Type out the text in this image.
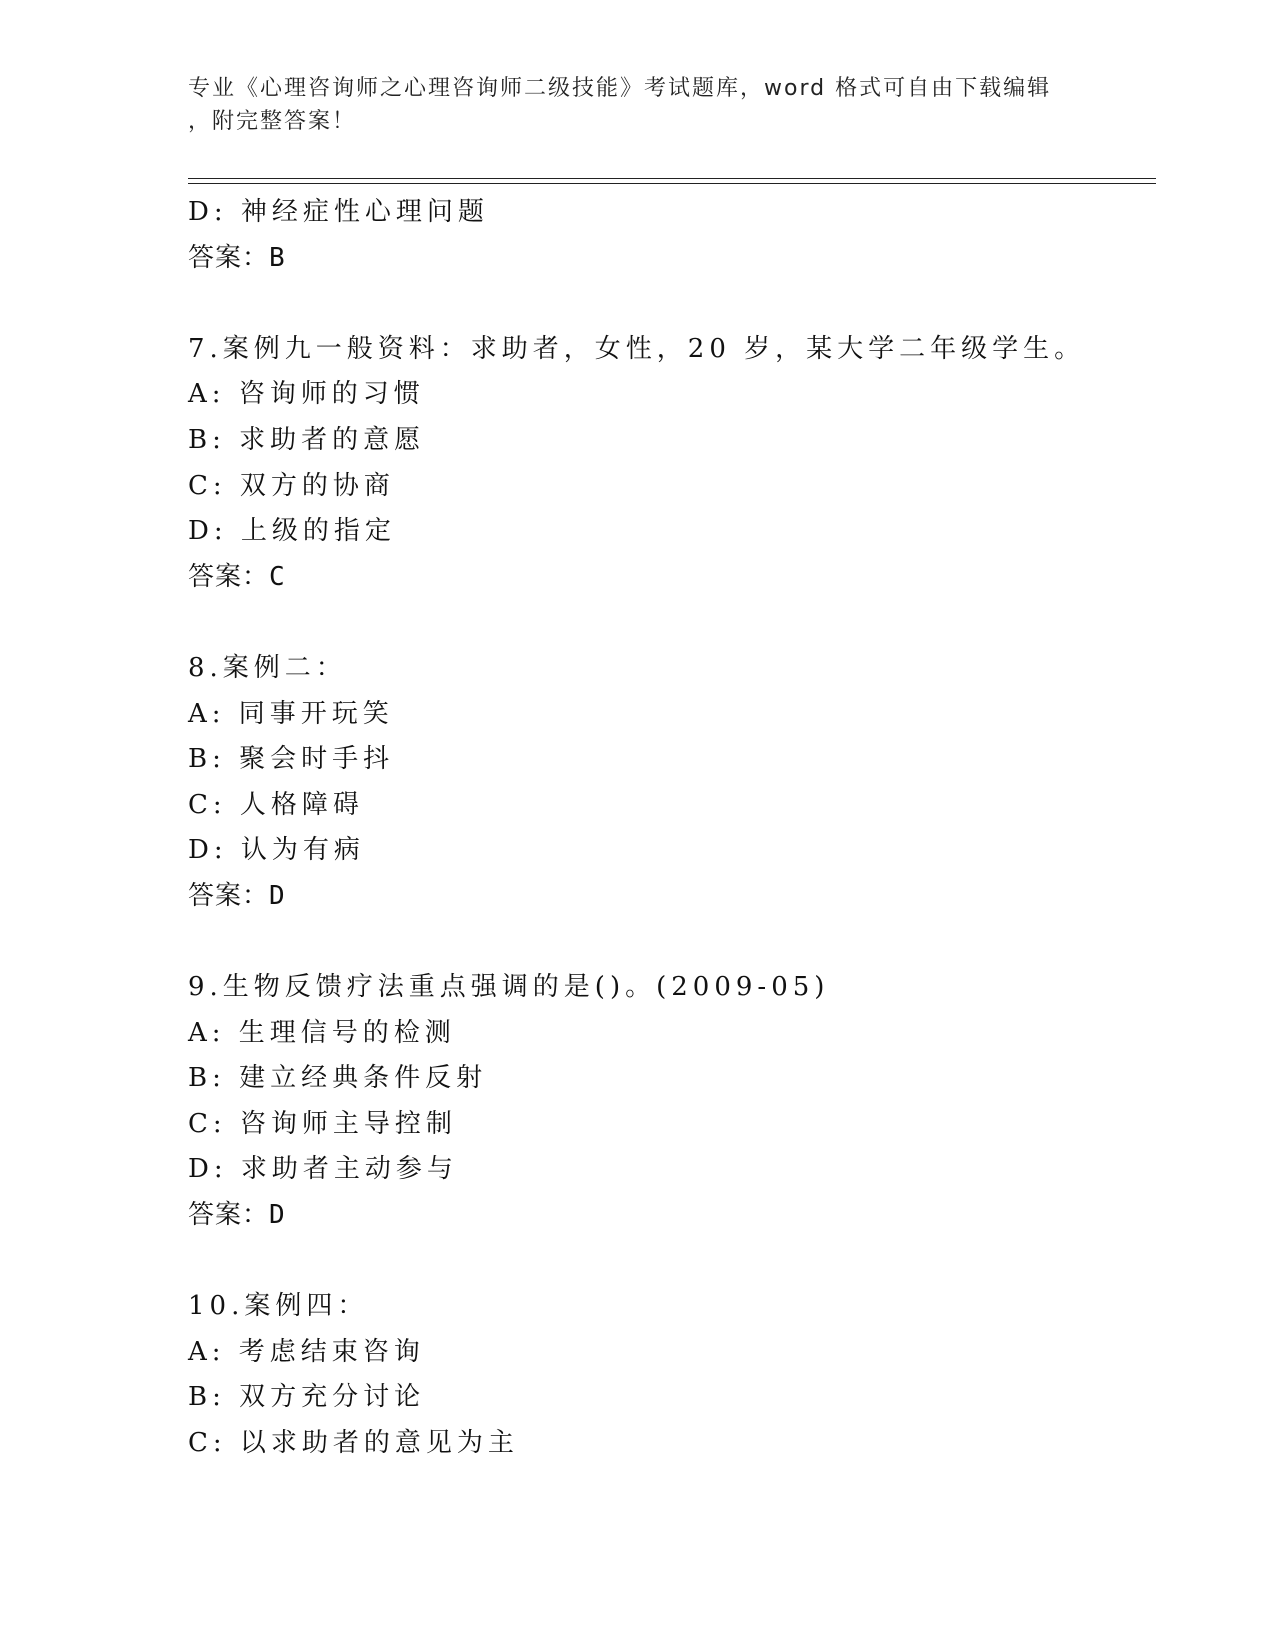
专业《心理咨询师之心理咨询师二级技能》考试题库，word 格式可自由下载编辑
，附完整答案！
D: 神经症性心理问题
答案：B
7.案例九一般资料：求助者，女性，20 岁，某大学二年级学生。
A: 咨询师的习惯
B: 求助者的意愿
C: 双方的协商
D: 上级的指定
答案：C
8.案例二：
A: 同事开玩笑
B: 聚会时手抖
C: 人格障碍
D: 认为有病
答案：D
9.生物反馈疗法重点强调的是()。(2009-05)
A: 生理信号的检测
B: 建立经典条件反射
C: 咨询师主导控制
D: 求助者主动参与
答案：D
10.案例四：
A: 考虑结束咨询
B: 双方充分讨论
C: 以求助者的意见为主
